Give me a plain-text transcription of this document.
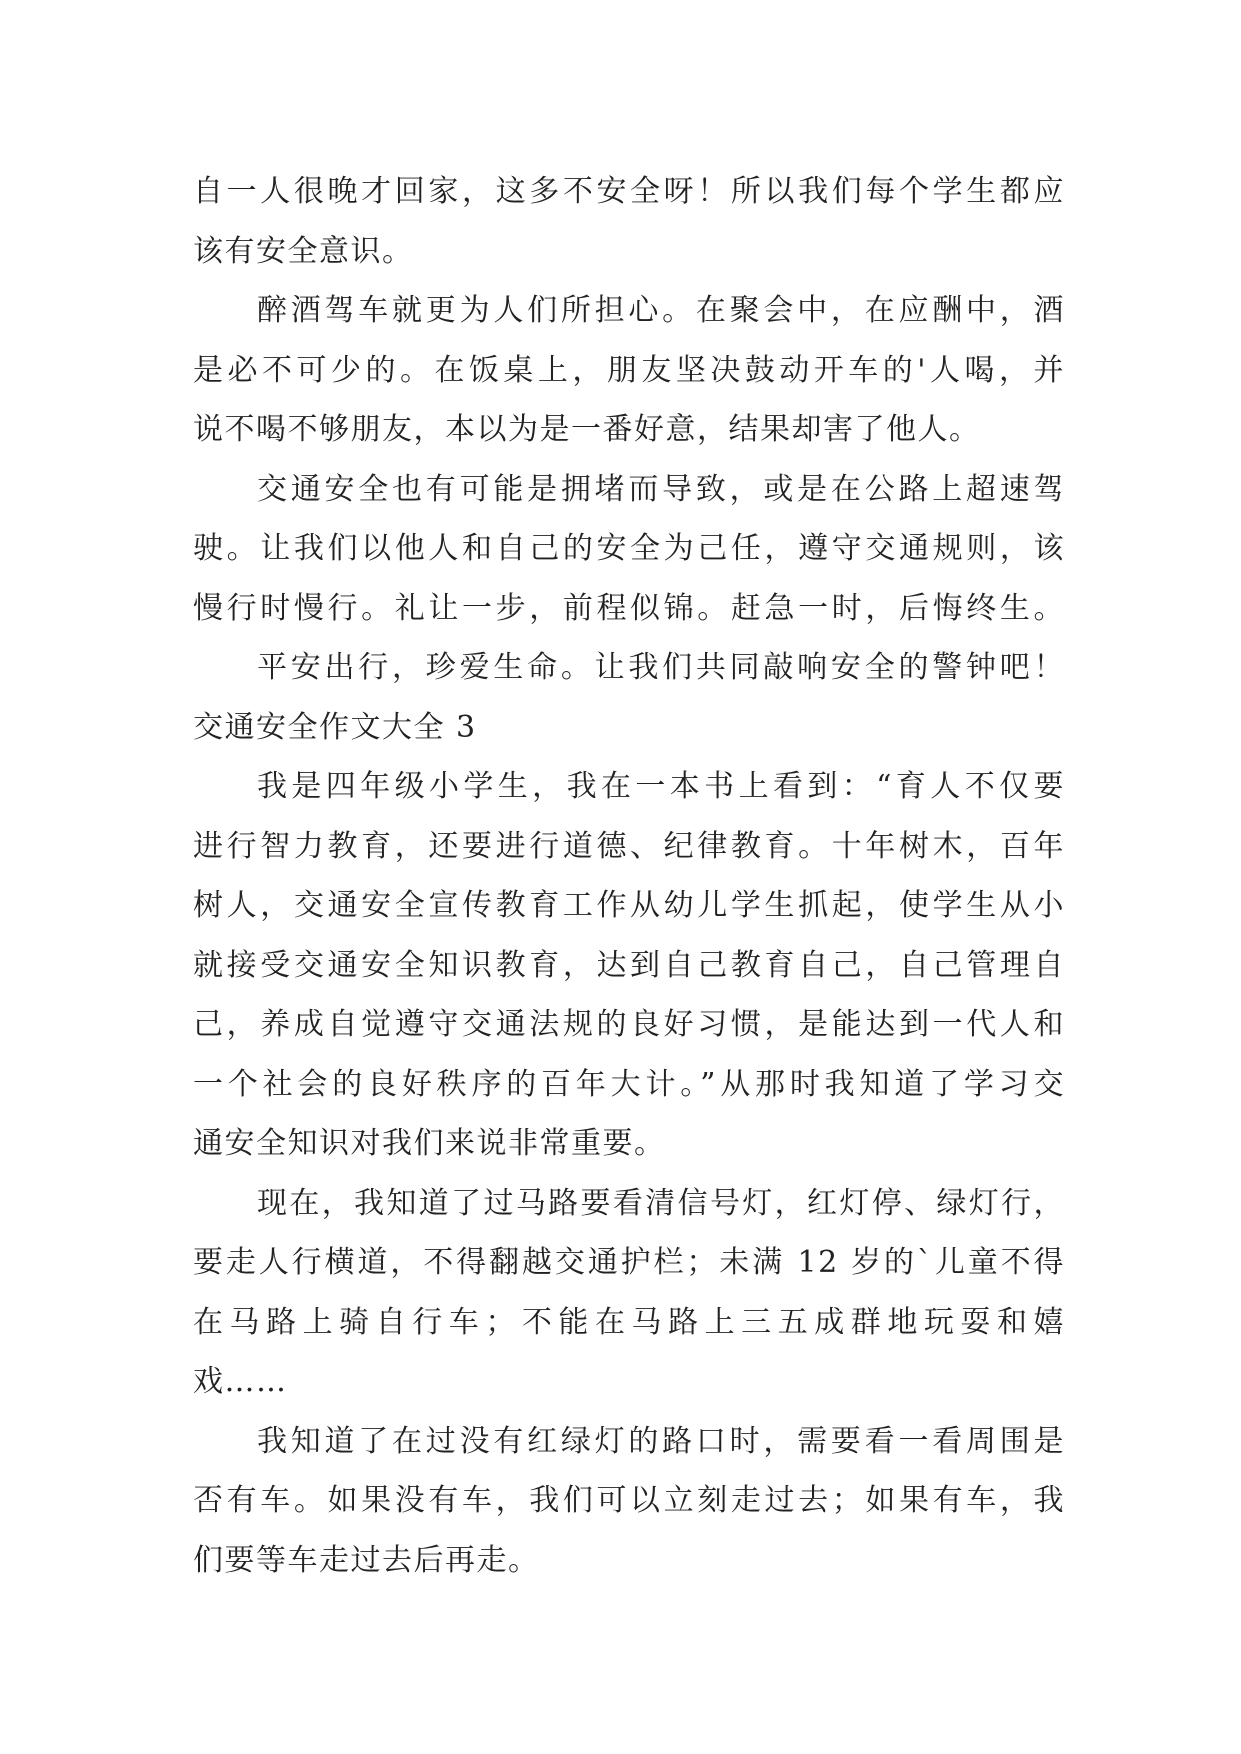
自一人很晚才回家，这多不安全呀！所以我们每个学生都应
该有安全意识。
醉酒驾车就更为人们所担心。在聚会中，在应酬中，酒
是必不可少的。在饭桌上，朋友坚决鼓动开车的'人喝，并
说不喝不够朋友，本以为是一番好意，结果却害了他人。
交通安全也有可能是拥堵而导致，或是在公路上超速驾
驶。让我们以他人和自己的安全为己任，遵守交通规则，该
慢行时慢行。礼让一步，前程似锦。赶急一时，后悔终生。
平安出行，珍爱生命。让我们共同敲响安全的警钟吧！
交通安全作文大全 3
我是四年级小学生，我在一本书上看到：“育人不仅要
进行智力教育，还要进行道德、纪律教育。十年树木，百年
树人，交通安全宣传教育工作从幼儿学生抓起，使学生从小
就接受交通安全知识教育，达到自己教育自己，自己管理自
己，养成自觉遵守交通法规的良好习惯，是能达到一代人和
一个社会的良好秩序的百年大计。”从那时我知道了学习交
通安全知识对我们来说非常重要。
现在，我知道了过马路要看清信号灯，红灯停、绿灯行，
要走人行横道，不得翻越交通护栏；未满 12 岁的`儿童不得
在马路上骑自行车；不能在马路上三五成群地玩耍和嬉
戏……
我知道了在过没有红绿灯的路口时，需要看一看周围是
否有车。如果没有车，我们可以立刻走过去；如果有车，我
们要等车走过去后再走。
